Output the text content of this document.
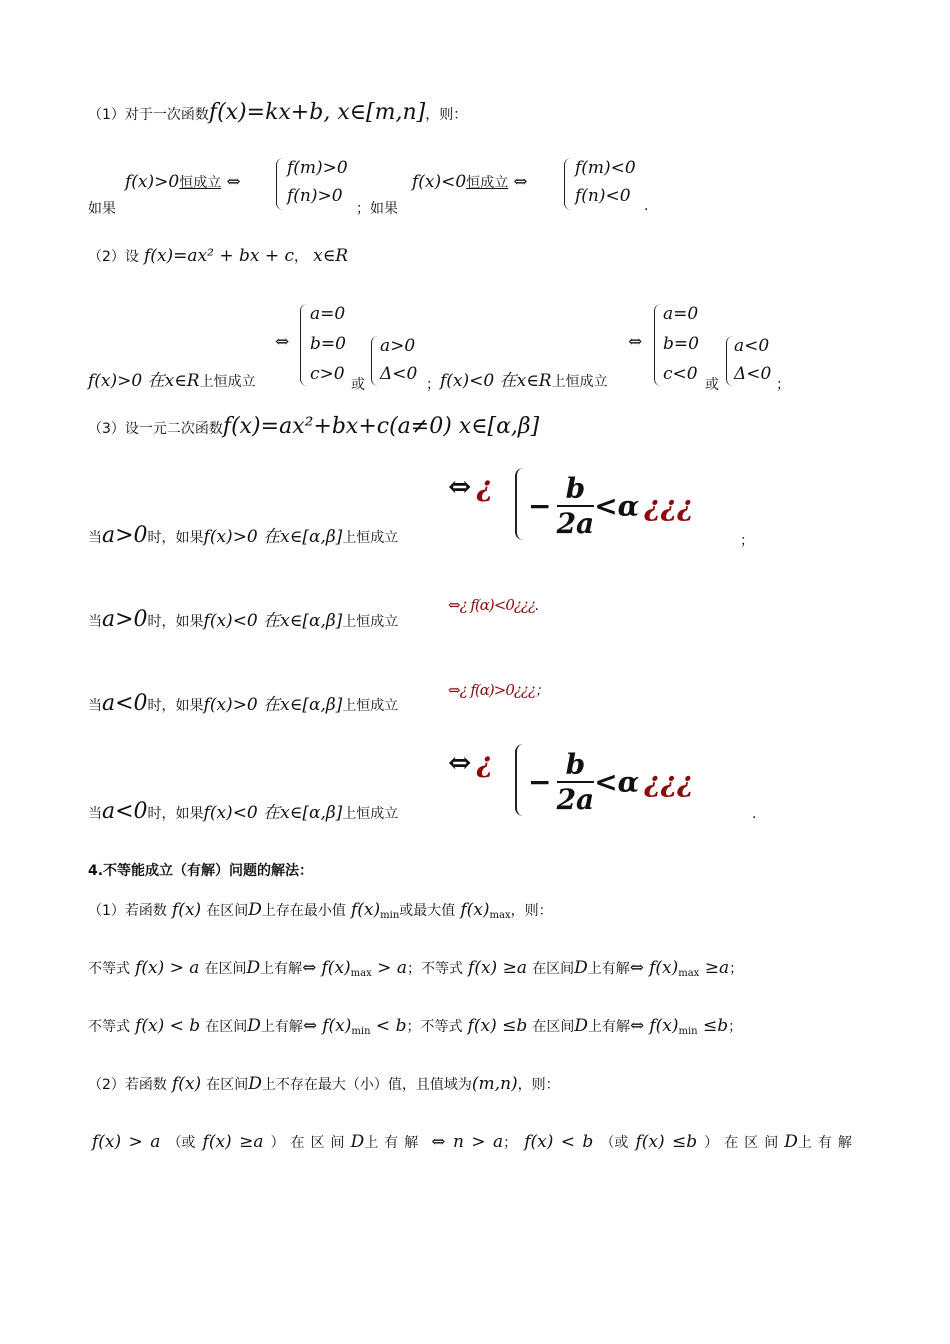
（1）对于一次函数f(x)=kx+b, x∈[m,n]，则：
如果
f(x)>0恒成立 ⇔
f(m)>0
f(n)>0
；如果
f(x)<0恒成立 ⇔
f(m)<0
f(n)<0 .
（2）设 f(x)=ax² + bx + c， x∈R
f(x)>0 在x∈R上恒成立
⇔
a=0
b=0
c>0
或
a>0
Δ<0
； f(x)<0 在x∈R上恒成立
⇔
a=0
b=0
c<0
或
a<0
Δ<0
；
（3）设一元二次函数f(x)=ax²+bx+c(a≠0) x∈[α,β]
当a>0时，如果f(x)>0 在x∈[α,β]上恒成立
⇔ ¿
− $\frac{b}{2a} <\alpha$ ¿¿¿
；
当a>0时，如果f(x)<0 在x∈[α,β]上恒成立
⇔¿ f(α)<0¿¿¿.
当a<0时，如果f(x)>0 在x∈[α,β]上恒成立
⇔¿ f(α)>0¿¿¿；
当a<0时，如果f(x)<0 在x∈[α,β]上恒成立
⇔ ¿
− $\frac{b}{2a} <\alpha$ ¿¿¿
.
4.不等能成立（有解）问题的解法：
（1）若函数 f(x) 在区间D上存在最小值 $f(x)_{min}$或最大值 $f(x)_{max}$，则：
不等式 f(x) > a 在区间D上有解⇔ $f(x)_{max} > a$；不等式 f(x) ≥a 在区间D上有解⇔ $f(x)_{max} \ge a$；
不等式 f(x) < b 在区间D上有解⇔ $f(x)_{min} < b$；不等式 f(x) ≤b 在区间D上有解⇔ $f(x)_{min} \le b$；
（2）若函数 f(x) 在区间D上不存在最大（小）值，且值域为(m,n)，则：
f(x) > a （或 f(x) ≥a ）在区间D上有解 ⇔ n > a； f(x) < b （或 f(x) ≤b ）在区间D上有解
